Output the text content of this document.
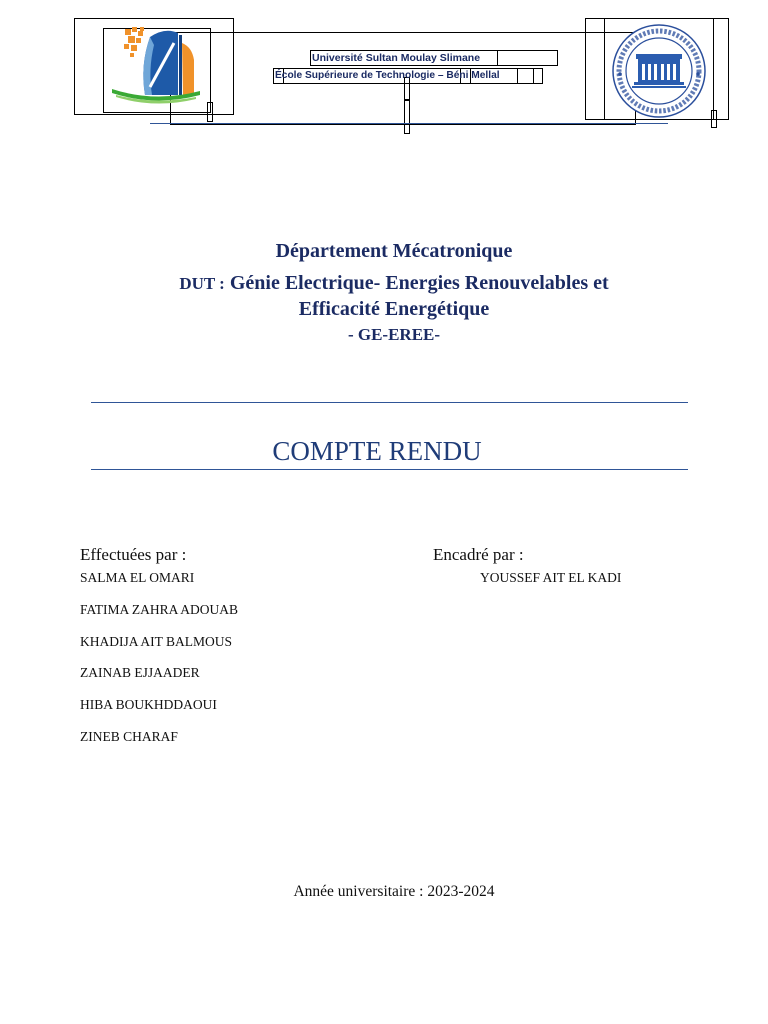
Université Sultan Moulay Slimane
École Supérieure de Technologie – Béni Mellal
Département Mécatronique
DUT : Génie Electrique- Energies Renouvelables et
Efficacité Energétique
- GE-EREE-
COMPTE RENDU
Effectuées par :	Encadré par :
SALMA EL OMARI
FATIMA ZAHRA ADOUAB
KHADIJA AIT BALMOUS
ZAINAB EJJAADER
HIBA BOUKHDDAOUI
ZINEB CHARAF
YOUSSEF AIT EL KADI
Année universitaire : 2023-2024
